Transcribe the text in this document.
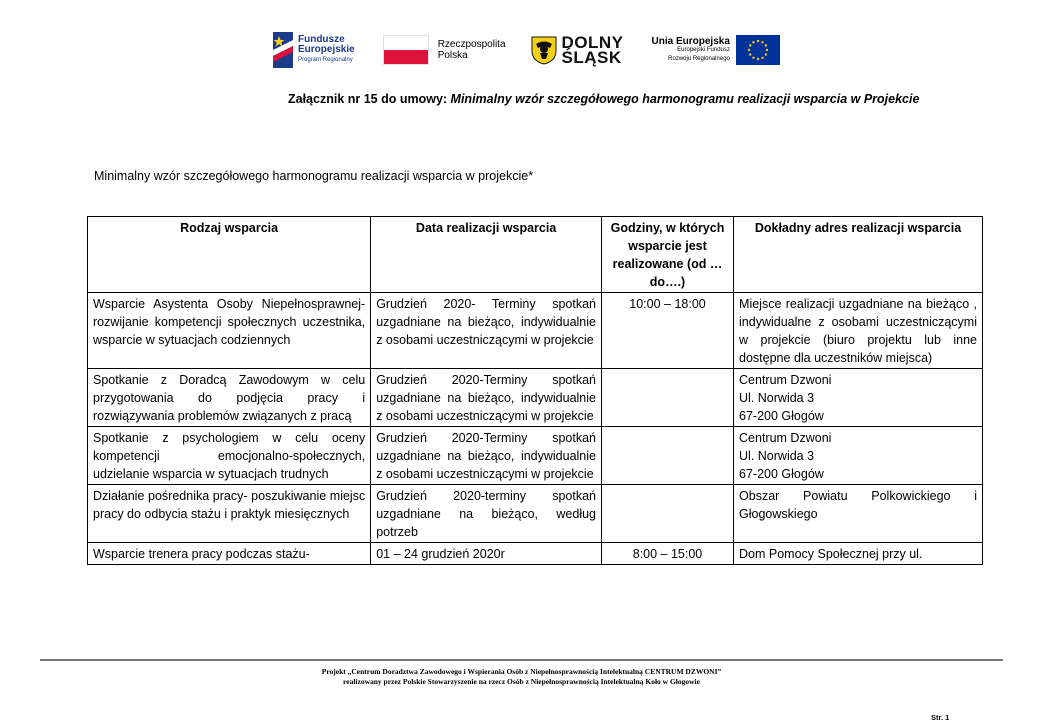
Fundusze
Europejskie
Program Regionalny
Rzeczpospolita
Polska
DOLNY
ŚLĄSK
Unia Europejska
Europejski Fundusz
Rozwoju Regionalnego
Załącznik nr 15 do umowy: Minimalny wzór szczegółowego harmonogramu realizacji wsparcia w Projekcie
Minimalny wzór szczegółowego harmonogramu realizacji wsparcia w projekcie*
Rodzaj wsparcia	Data realizacji wsparcia	Godziny, w których wsparcie jest realizowane (od … do….)	Dokładny adres realizacji wsparcia
Wsparcie Asystenta Osoby Niepełnosprawnej- rozwijanie kompetencji społecznych uczestnika, wsparcie w sytuacjach codziennych	Grudzień 2020- Terminy spotkań uzgadniane na bieżąco, indywidualnie z osobami uczestniczącymi w projekcie	10:00 – 18:00	Miejsce realizacji uzgadniane na bieżąco , indywidualne z osobami uczestniczącymi w projekcie (biuro projektu lub inne dostępne dla uczestników miejsca)

Spotkanie z Doradcą Zawodowym w celu przygotowania do podjęcia pracy i rozwiązywania problemów związanych z pracą	Grudzień 2020-Terminy spotkań uzgadniane na bieżąco, indywidualnie z osobami uczestniczącymi w projekcie		Centrum Dzwoni
Ul. Norwida 3
67-200 Głogów

Spotkanie z psychologiem w celu oceny kompetencji emocjonalno-społecznych, udzielanie wsparcia w sytuacjach trudnych	Grudzień 2020-Terminy spotkań uzgadniane na bieżąco, indywidualnie z osobami uczestniczącymi w projekcie		Centrum Dzwoni
Ul. Norwida 3
67-200 Głogów

Działanie pośrednika pracy- poszukiwanie miejsc pracy do odbycia stażu i praktyk miesięcznych	Grudzień 2020-terminy spotkań uzgadniane na bieżąco, według potrzeb		Obszar Powiatu Polkowickiego i Głogowskiego

Wsparcie trenera pracy podczas stażu-	01 – 24 grudzień 2020r	8:00 – 15:00	Dom Pomocy Społecznej przy ul.
Projekt „Centrum Doradztwa Zawodowego i Wspierania Osób z Niepełnosprawnością Intelektualną CENTRUM DZWONI”
realizowany przez Polskie Stowarzyszenie na rzecz Osób z Niepełnosprawnością Intelektualną Koło w Głogowie
Str. 1
